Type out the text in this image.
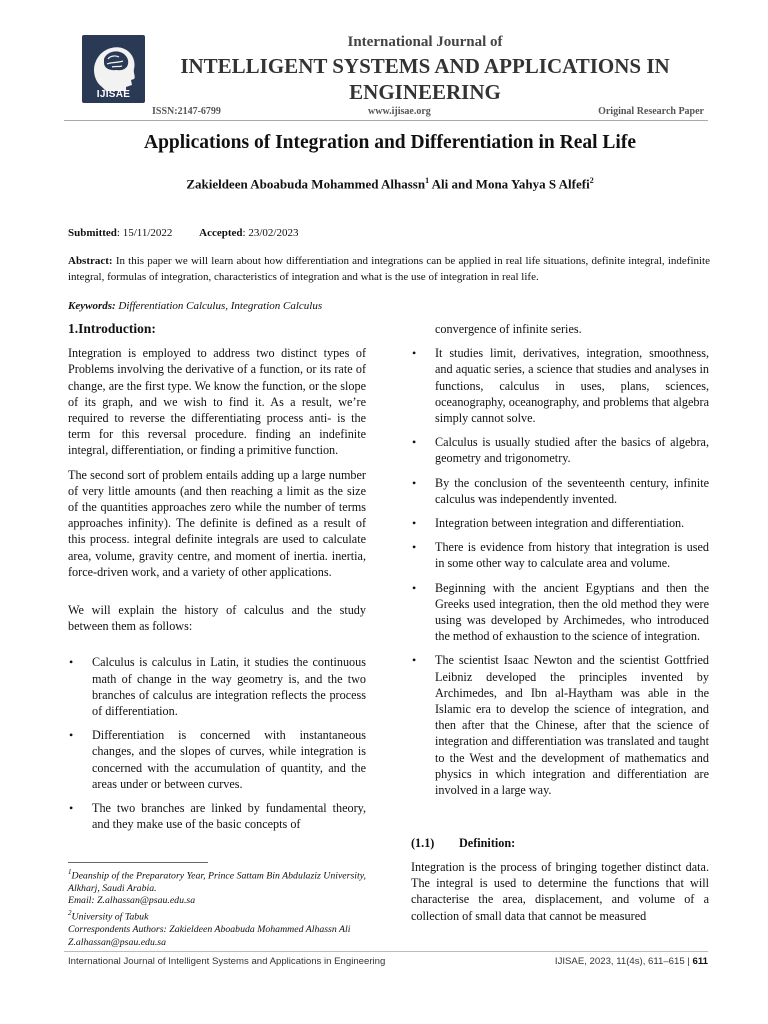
IJISAE
International Journal of
INTELLIGENT SYSTEMS AND APPLICATIONS IN
ENGINEERING
ISSN:2147-6799	www.ijisae.org	Original Research Paper
Applications of Integration and Differentiation in Real Life
Zakieldeen Aboabuda Mohammed Alhassn$^1$ Ali and Mona Yahya S Alfefi$^2$
Submitted: 15/11/2022 Accepted: 23/02/2023
Abstract: In this paper we will learn about how differentiation and integrations can be applied in real life situations, definite integral, indefinite integral, formulas of integration, characteristics of integration and what is the use of integration in real life.
Keywords: Differentiation Calculus, Integration Calculus
1.Introduction:

Integration is employed to address two distinct types of Problems involving the derivative of a function, or its rate of change, are the first type. We know the function, or the slope of its graph, and we wish to find it. As a result, we’re required to reverse the differentiating process anti- is the term for this reversal procedure. finding an indefinite integral, differentiation, or finding a primitive function.

The second sort of problem entails adding up a large number of very little amounts (and then reaching a limit as the size of the quantities approaches zero while the number of terms approaches infinity). The definite is defined as a result of this process. integral definite integrals are used to calculate area, volume, gravity centre, and moment of inertia. inertia, force-driven work, and a variety of other applications.

We will explain the history of calculus and the study between them as follows:

• Calculus is calculus in Latin, it studies the continuous math of change in the way geometry is, and the two branches of calculus are integration reflects the process of differentiation.
• Differentiation is concerned with instantaneous changes, and the slopes of curves, while integration is concerned with the accumulation of quantity, and the areas under or between curves.
• The two branches are linked by fundamental theory, and they make use of the basic concepts of
$^1$Deanship of the Preparatory Year, Prince Sattam Bin Abdulaziz University, Alkharj, Saudi Arabia.
Email: Z.alhassan@psau.edu.sa
$^2$University of Tabuk
Correspondents Authors: Zakieldeen Aboabuda Mohammed Alhassn Ali
Z.alhassan@psau.edu.sa

convergence of infinite series.

• It studies limit, derivatives, integration, smoothness, and aquatic series, a science that studies and analyses in functions, calculus in uses, plans, sciences, oceanography, oceanography, and problems that algebra simply cannot solve.
• Calculus is usually studied after the basics of algebra, geometry and trigonometry.
• By the conclusion of the seventeenth century, infinite calculus was independently invented.
• Integration between integration and differentiation.
• There is evidence from history that integration is used in some other way to calculate area and volume.
• Beginning with the ancient Egyptians and then the Greeks used integration, then the old method they were using was developed by Archimedes, who introduced the method of exhaustion to the science of integration.
• The scientist Isaac Newton and the scientist Gottfried Leibniz developed the principles invented by Archimedes, and Ibn al-Haytham was able in the Islamic era to develop the science of integration, and then after that the Chinese, after that the science of integration and differentiation was translated and taught to the West and the development of mathematics and physics in which integration and differentiation are involved in a large way.
(1.1) Definition:
Integration is the process of bringing together distinct data. The integral is used to determine the functions that will characterise the area, displacement, and volume of a collection of small data that cannot be measured
International Journal of Intelligent Systems and Applications in Engineering	IJISAE, 2023, 11(4s), 611–615 | 611
